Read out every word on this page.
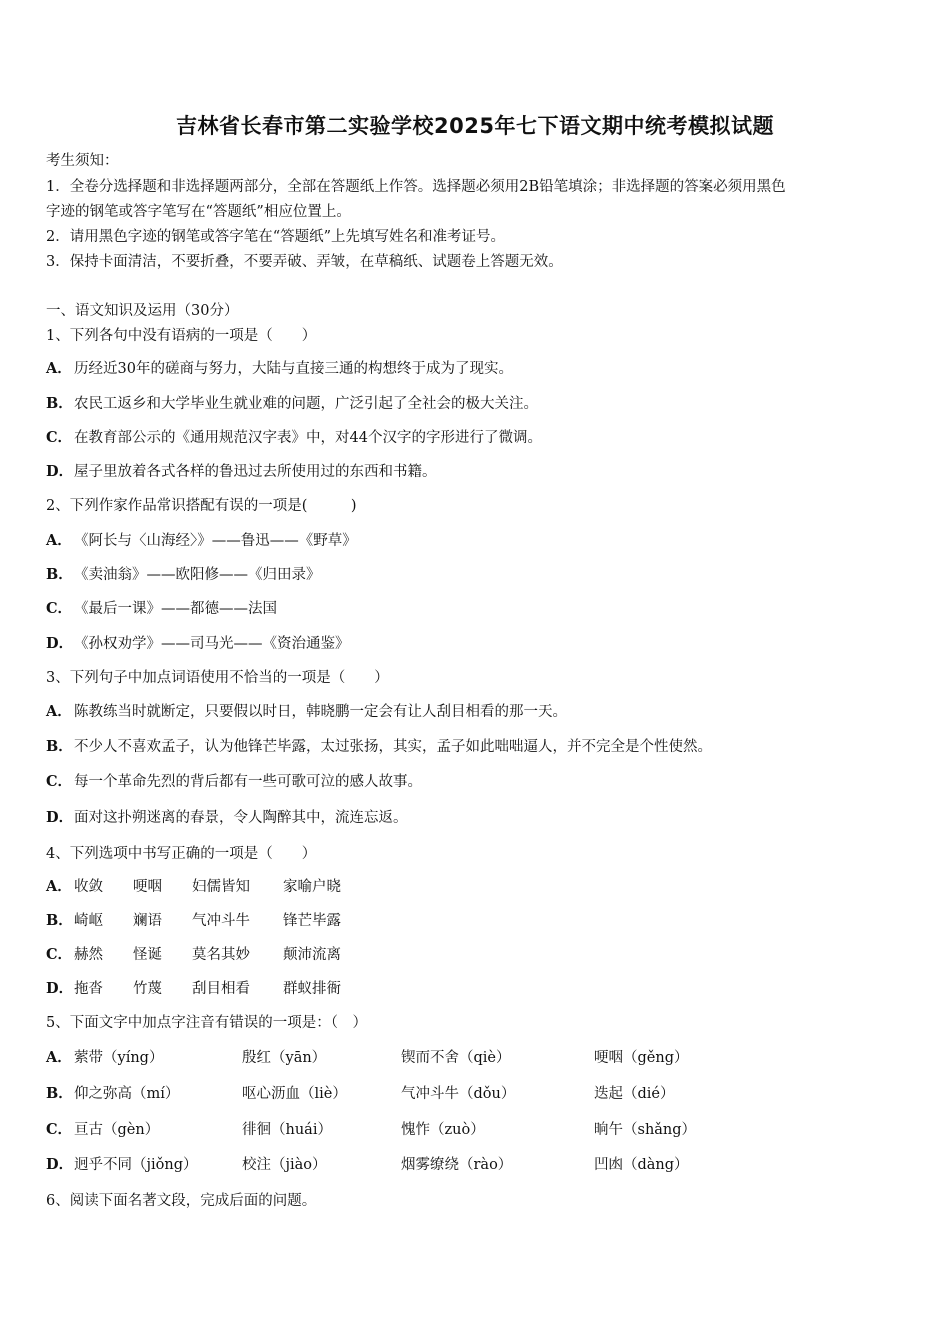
吉林省长春市第二实验学校2025年七下语文期中统考模拟试题
考生须知：
1．全卷分选择题和非选择题两部分，全部在答题纸上作答。选择题必须用2B铅笔填涂；非选择题的答案必须用黑色
字迹的钢笔或答字笔写在“答题纸”相应位置上。
2．请用黑色字迹的钢笔或答字笔在“答题纸”上先填写姓名和准考证号。
3．保持卡面清洁，不要折叠，不要弄破、弄皱，在草稿纸、试题卷上答题无效。
一、语文知识及运用（30分）
1、下列各句中没有语病的一项是（　　）
A． 历经近30年的磋商与努力，大陆与直接三通的构想终于成为了现实。
B．农民工返乡和大学毕业生就业难的问题，广泛引起了全社会的极大关注。
C． 在教育部公示的《通用规范汉字表》中，对44个汉字的字形进行了微调。
D．屋子里放着各式各样的鲁迅过去所使用过的东西和书籍。
2、下列作家作品常识搭配有误的一项是(　　　)
A． 《阿长与〈山海经〉》——鲁迅——《野草》
B．《卖油翁》——欧阳修——《归田录》
C． 《最后一课》——都德——法国
D．《孙权劝学》——司马光——《资治通鉴》
3、下列句子中加点词语使用不恰当的一项是（　　）
A． 陈教练当时就断定，只要假以时日，韩晓鹏一定会有让人刮目相看的那一天。
B．不少人不喜欢孟子，认为他锋芒毕露，太过张扬，其实，孟子如此咄咄逼人，并不完全是个性使然。
C． 每一个革命先烈的背后都有一些可歌可泣的感人故事。
D．面对这扑朔迷离的春景，令人陶醉其中，流连忘返。
4、下列选项中书写正确的一项是（　　）
A． 收敛 哽咽 妇儒皆知 家喻户晓
B． 崎岖 斓语 气冲斗牛 锋芒毕露
C． 赫然 怪诞 莫名其妙 颠沛流离
D． 拖沓 竹蔑 刮目相看 群蚁排衙
5、下面文字中加点字注音有错误的一项是：（　）
A． 萦带（yíng）	殷红（yān）	锲而不舍（qiè）	哽咽（gěng）
B． 仰之弥高（mí）	呕心沥血（liè）	气冲斗牛（dǒu）	迭起（dié）
C． 亘古（gèn）	徘徊（huái）	愧怍（zuò）	晌午（shǎng）
D． 迥乎不同（jiǒng）	校注（jiào）	烟雾缭绕（rào）	凹凼（dàng）
6、阅读下面名著文段，完成后面的问题。
